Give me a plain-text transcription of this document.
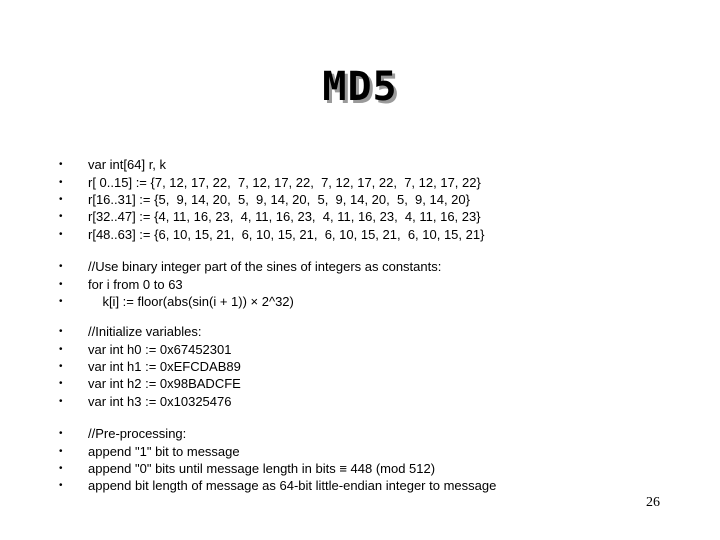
MD5
•	var int[64] r, k
•	r[ 0..15] := {7, 12, 17, 22,  7, 12, 17, 22,  7, 12, 17, 22,  7, 12, 17, 22}
•	r[16..31] := {5,  9, 14, 20,  5,  9, 14, 20,  5,  9, 14, 20,  5,  9, 14, 20}
•	r[32..47] := {4, 11, 16, 23,  4, 11, 16, 23,  4, 11, 16, 23,  4, 11, 16, 23}
•	r[48..63] := {6, 10, 15, 21,  6, 10, 15, 21,  6, 10, 15, 21,  6, 10, 15, 21}
•	//Use binary integer part of the sines of integers as constants:
•	for i from 0 to 63
•	k[i] := floor(abs(sin(i + 1)) × 2^32)
•	//Initialize variables:
•	var int h0 := 0x67452301
•	var int h1 := 0xEFCDAB89
•	var int h2 := 0x98BADCFE
•	var int h3 := 0x10325476
•	//Pre-processing:
•	append "1" bit to message
•	append "0" bits until message length in bits ≡ 448 (mod 512)
•	append bit length of message as 64-bit little-endian integer to message
26
